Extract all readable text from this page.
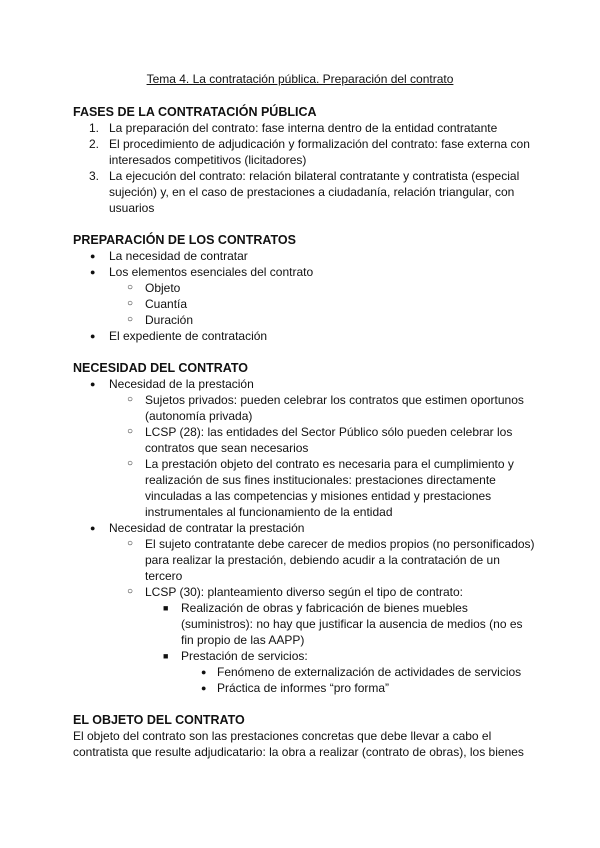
Tema 4. La contratación pública. Preparación del contrato
FASES DE LA CONTRATACIÓN PÚBLICA
1. La preparación del contrato: fase interna dentro de la entidad contratante
2. El procedimiento de adjudicación y formalización del contrato: fase externa con interesados competitivos (licitadores)
3. La ejecución del contrato: relación bilateral contratante y contratista (especial sujeción) y, en el caso de prestaciones a ciudadanía, relación triangular, con usuarios
PREPARACIÓN DE LOS CONTRATOS
● La necesidad de contratar
● Los elementos esenciales del contrato
○ Objeto
○ Cuantía
○ Duración
● El expediente de contratación
NECESIDAD DEL CONTRATO
● Necesidad de la prestación
○ Sujetos privados: pueden celebrar los contratos que estimen oportunos (autonomía privada)
○ LCSP (28): las entidades del Sector Público sólo pueden celebrar los contratos que sean necesarios
○ La prestación objeto del contrato es necesaria para el cumplimiento y realización de sus fines institucionales: prestaciones directamente vinculadas a las competencias y misiones entidad y prestaciones instrumentales al funcionamiento de la entidad
● Necesidad de contratar la prestación
○ El sujeto contratante debe carecer de medios propios (no personificados) para realizar la prestación, debiendo acudir a la contratación de un tercero
○ LCSP (30): planteamiento diverso según el tipo de contrato:
■ Realización de obras y fabricación de bienes muebles (suministros): no hay que justificar la ausencia de medios (no es fin propio de las AAPP)
■ Prestación de servicios:
● Fenómeno de externalización de actividades de servicios
● Práctica de informes “pro forma”
EL OBJETO DEL CONTRATO

El objeto del contrato son las prestaciones concretas que debe llevar a cabo el contratista que resulte adjudicatario: la obra a realizar (contrato de obras), los bienes
